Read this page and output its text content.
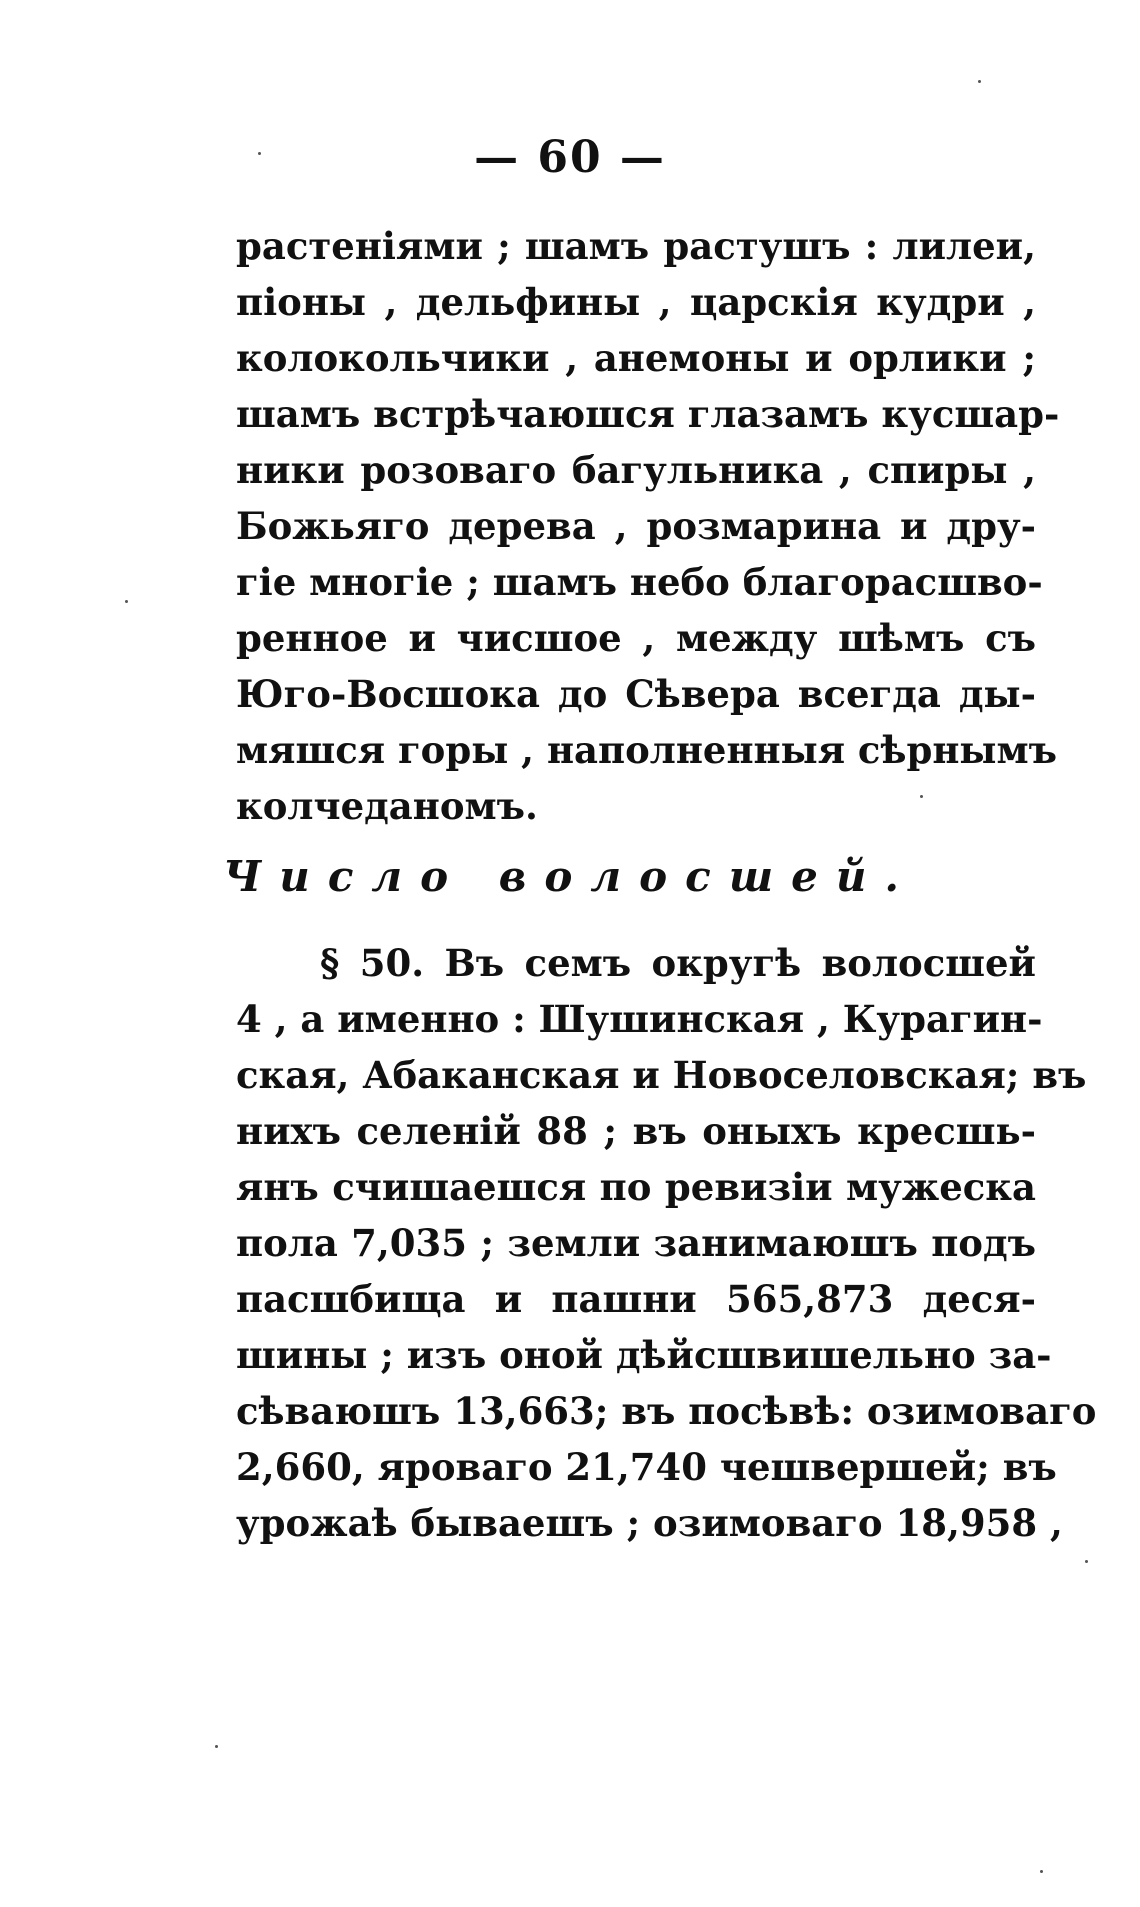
— 60 —
растеніями ; шамъ растушъ : лилеи,
піоны , дельфины , царскія кудри ,
колокольчики , анемоны и орлики ;
шамъ встрѣчаюшся глазамъ кусшар-
ники розоваго багульника , спиры ,
Божьяго дерева , розмарина и дру-
гіе многіе ; шамъ небо благорасшво-
ренное и чисшое , между шѣмъ съ
Юго-Восшока до Сѣвера всегда ды-
мяшся горы , наполненныя сѣрнымъ
колчеданомъ.
Число волосшей.
§ 50. Въ семъ округѣ волосшей
4 , а именно : Шушинская , Курагин-
ская, Абаканская и Новоселовская; въ
нихъ селеній 88 ; въ оныхъ кресшь-
янъ счишаешся по ревизіи мужеска
пола 7,035 ; земли занимаюшъ подъ
пасшбища и пашни 565,873 деся-
шины ; изъ оной дѣйсшвишельно за-
сѣваюшъ 13,663; въ посѣвѣ: озимоваго
2,660, яроваго 21,740 чешвершей; въ
урожаѣ бываешъ ; озимоваго 18,958 ,
